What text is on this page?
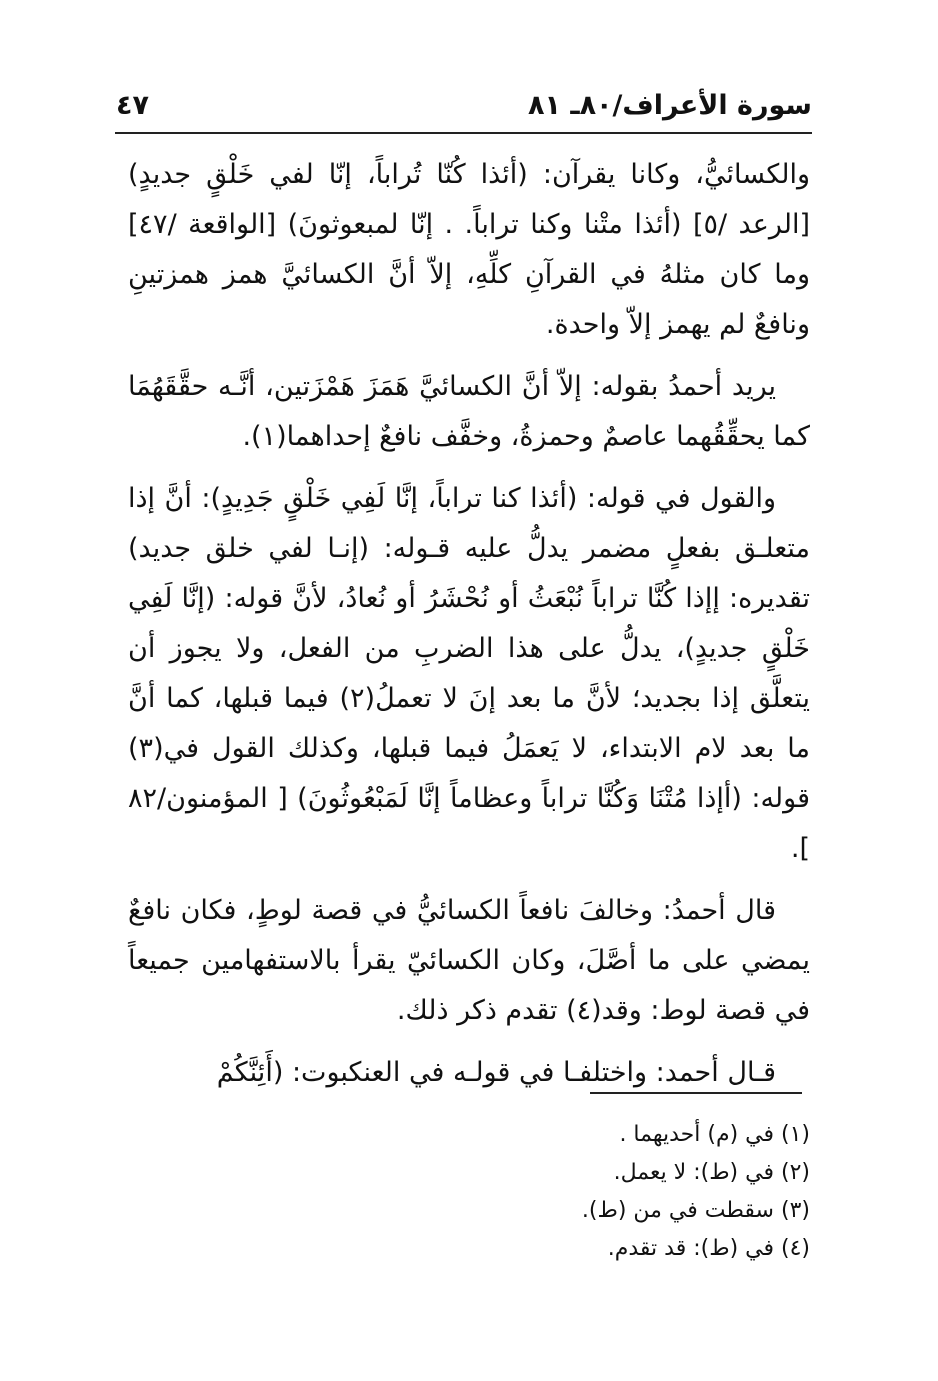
سورة الأعراف/٨٠ـ ٨١
٤٧

والكسائيُّ، وكانا يقرآن: (أئذا كُنّا تُراباً، إنّا لفي خَلْقٍ جديدٍ) [الرعد /٥] (أئذا متْنا وكنا تراباً. . إنّا لمبعوثونَ) [الواقعة /٤٧] وما كان مثلهُ في القرآنِ كلِّهِ، إلاّ أنَّ الكسائيَّ همز همزتينِ ونافعٌ لم يهمز إلاّ واحدة.

يريد أحمدُ بقوله: إلاّ أنَّ الكسائيَّ هَمَزَ هَمْزَتين، أنَّـه حقَّقَهُمَا كما يحقِّقُهما عاصمٌ وحمزةُ، وخفَّف نافعٌ إحداهما(١).

والقول في قوله: (أئذا كنا تراباً، إنَّا لَفِي خَلْقٍ جَدِيدٍ): أنَّ إذا متعلـق بفعلٍ مضمر يدلُّ عليه قـوله: (إنـا لفي خلق جديد) تقديره: إإذا كُنَّا تراباً نُبْعَثُ أو نُحْشَرُ أو نُعادُ، لأنَّ قوله: (إنَّا لَفِي خَلْقٍ جديدٍ)، يدلُّ على هذا الضربِ من الفعل، ولا يجوز أن يتعلَّق إذا بجديد؛ لأنَّ ما بعد إنَ لا تعملُ(٢) فيما قبلها، كما أنَّ ما بعد لام الابتداء، لا يَعمَلُ فيما قبلها، وكذلك القول في(٣) قوله: (أإذا مُتْنَا وَكُنَّا تراباً وعظاماً إنَّا لَمَبْعُوثُونَ) [ المؤمنون/٨٢ ].

قال أحمدُ: وخالفَ نافعاً الكسائيُّ في قصة لوطٍ، فكان نافعٌ يمضي على ما أصَّلَ، وكان الكسائيّ يقرأ بالاستفهامين جميعاً في قصة لوط: وقد(٤) تقدم ذكر ذلك.

قـال أحمد: واختلفـا في قولـه في العنكبوت: (أَئِنَّكُمْ

(١) في (م) أحديهما .

(٢) في (ط): لا يعمل.

(٣) سقطت في من (ط).

(٤) في (ط): قد تقدم.
